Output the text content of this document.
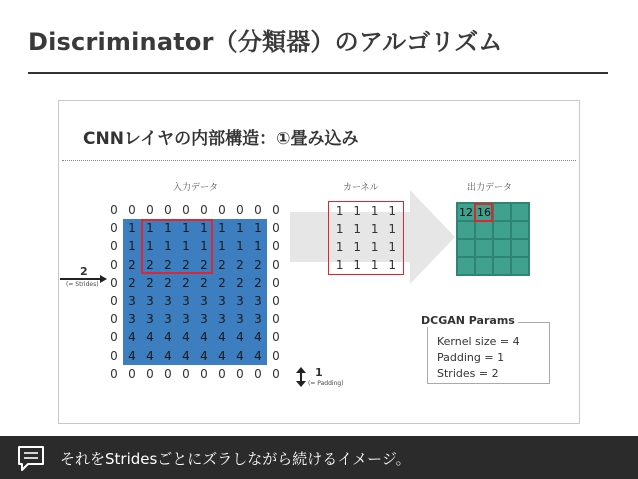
Discriminator（分類器）のアルゴリズム
CNNレイヤの内部構造：①畳み込み
入力データ	カーネル	出力データ
0 0 0 0 0 0 0 0 0 0
0 1 1 1 1 1 1 1 1 0
0 1 1 1 1 1 1 1 1 0
0 2 2 2 2 2 2 2 2 0
0 2 2 2 2 2 2 2 2 0
0 3 3 3 3 3 3 3 3 0
0 3 3 3 3 3 3 3 3 0
0 4 4 4 4 4 4 4 4 0
0 4 4 4 4 4 4 4 4 0
0 0 0 0 0 0 0 0 0 0
2
(= Strides)
1
(= Padding)
1 1 1 1
1 1 1 1
1 1 1 1
1 1 1 1
12 16
DCGAN Params
Kernel size = 4
Padding = 1
Strides = 2
それをStridesごとにズラしながら続けるイメージ。
